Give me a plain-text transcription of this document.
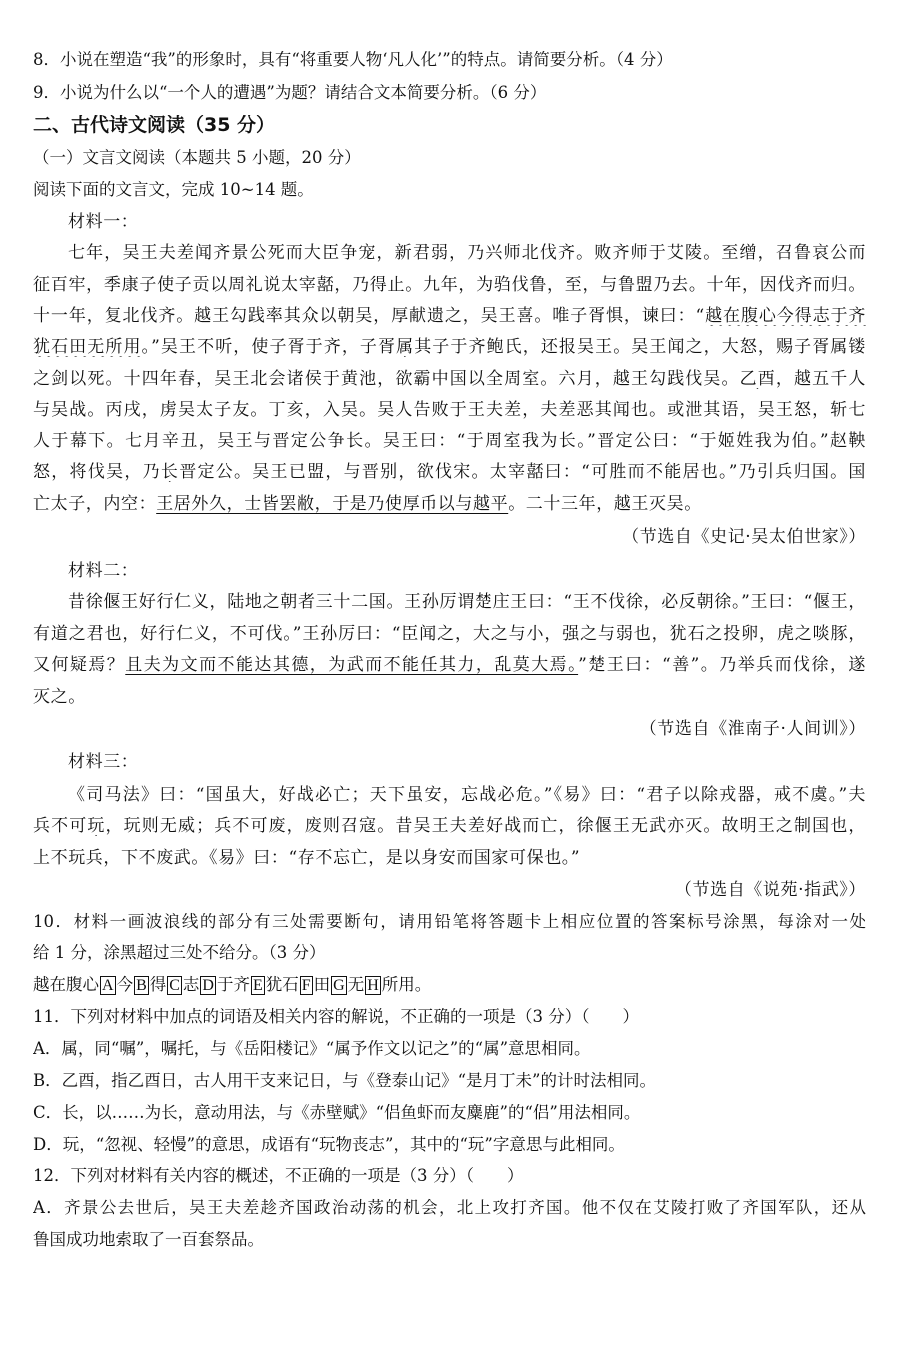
8．小说在塑造“我”的形象时，具有“将重要人物‘凡人化’”的特点。请简要分析。（4 分）
9．小说为什么以“一个人的遭遇”为题？请结合文本简要分析。（6 分）
二、古代诗文阅读（35 分）
（一）文言文阅读（本题共 5 小题，20 分）
阅读下面的文言文，完成 10~14 题。
材料一：
七年，吴王夫差闻齐景公死而大臣争宠，新君弱，乃兴师北伐齐。败齐师于艾陵。至缯，召鲁哀公而
征百牢，季康子使子贡以周礼说太宰嚭，乃得止。九年，为驺伐鲁，至，与鲁盟乃去。十年，因伐齐而归。
十一年，复北伐齐。越王勾践率其众以朝吴，厚献遗之，吴王喜。唯子胥惧，谏曰：“越在腹心今得志于齐
犹石田无所用。”吴王不听，使子胥于齐，子胥属其子于齐鲍氏，还报吴王。吴王闻之，大怒，赐子胥属镂
之剑以死。十四年春，吴王北会诸侯于黄池，欲霸中国以全周室。六月，越王勾践伐吴。乙酉，越五千人
与吴战。丙戌，虏吴太子友。丁亥，入吴。吴人告败于王夫差，夫差恶其闻也。或泄其语，吴王怒，斩七
人于幕下。七月辛丑，吴王与晋定公争长。吴王曰：“于周室我为长。”晋定公曰：“于姬姓我为伯。”赵鞅
怒，将伐吴，乃长晋定公。吴王已盟，与晋别，欲伐宋。太宰嚭曰：“可胜而不能居也。”乃引兵归国。国
亡太子，内空：王居外久，士皆罢敝，于是乃使厚币以与越平。二十三年，越王灭吴。
（节选自《史记·吴太伯世家》）
材料二：
昔徐偃王好行仁义，陆地之朝者三十二国。王孙厉谓楚庄王曰：“王不伐徐，必反朝徐。”王曰：“偃王，
有道之君也，好行仁义，不可伐。”王孙厉曰：“臣闻之，大之与小，强之与弱也，犹石之投卵，虎之啖豚，
又何疑焉？且夫为文而不能达其德，为武而不能任其力，乱莫大焉。”楚王曰：“善”。乃举兵而伐徐，遂
灭之。
（节选自《淮南子·人间训》）
材料三：
《司马法》曰：“国虽大，好战必亡；天下虽安，忘战必危。”《易》曰：“君子以除戎器，戒不虞。”夫
兵不可玩，玩则无威；兵不可废，废则召寇。昔吴王夫差好战而亡，徐偃王无武亦灭。故明王之制国也，
上不玩兵，下不废武。《易》曰：“存不忘亡，是以身安而国家可保也。”
（节选自《说苑·指武》）
10．材料一画波浪线的部分有三处需要断句，请用铅笔将答题卡上相应位置的答案标号涂黑，每涂对一处
给 1 分，涂黑超过三处不给分。（3 分）
越在腹心 A 今 B 得 C 志 D 于齐 E 犹石 F 田 G 无 H 所用。
11．下列对材料中加点的词语及相关内容的解说，不正确的一项是（3 分）（　　）
A．属，同“嘱”，嘱托，与《岳阳楼记》“属予作文以记之”的“属”意思相同。
B．乙酉，指乙酉日，古人用干支来记日，与《登泰山记》“是月丁未”的计时法相同。
C．长，以……为长，意动用法，与《赤壁赋》“侣鱼虾而友麋鹿”的“侣”用法相同。
D．玩，“忽视、轻慢”的意思，成语有“玩物丧志”，其中的“玩”字意思与此相同。
12．下列对材料有关内容的概述，不正确的一项是（3 分）（　　）
A．齐景公去世后，吴王夫差趁齐国政治动荡的机会，北上攻打齐国。他不仅在艾陵打败了齐国军队，还从
鲁国成功地索取了一百套祭品。
